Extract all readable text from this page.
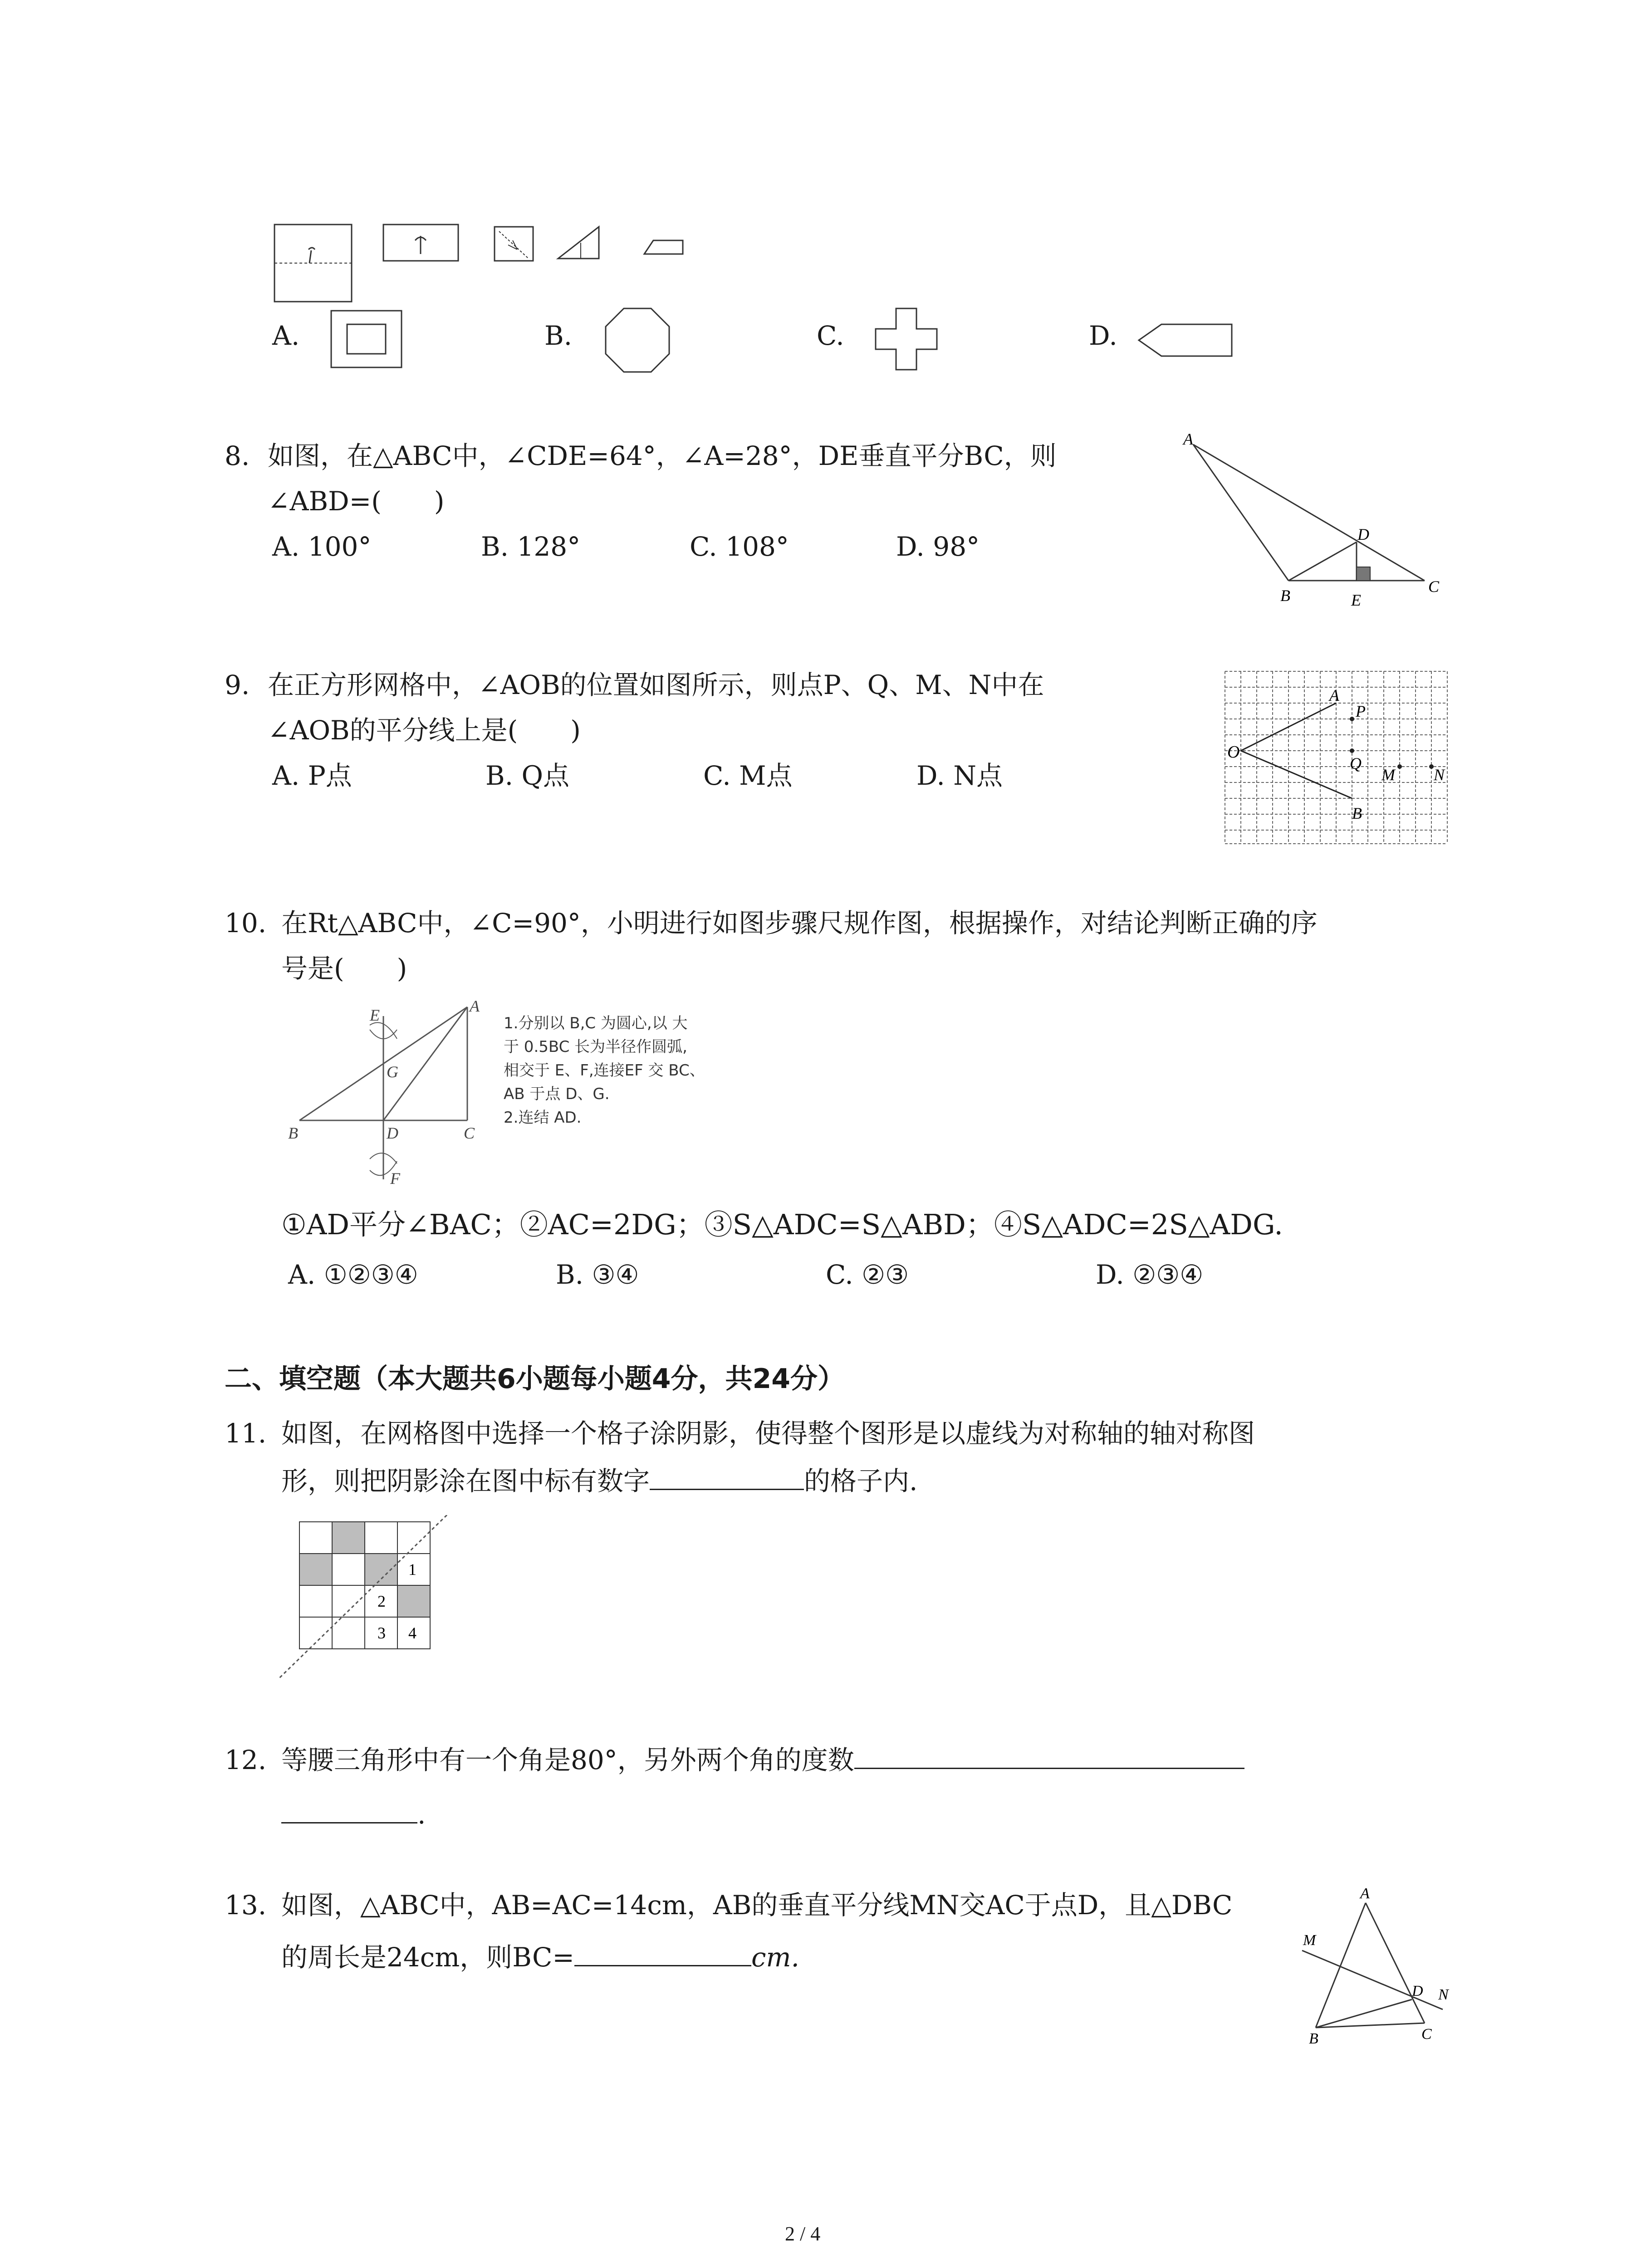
A.	B.	C.	D.
8. 如图，在△ABC中，∠CDE=64°，∠A=28°，DE垂直平分BC，则
∠ABD=(　　)
A. 100°	B. 128°	C. 108°	D. 98°
A
D
B	E
C
9. 在正方形网格中，∠AOB的位置如图所示，则点P、Q、M、N中在
∠AOB的平分线上是(　　)
A. P点	B. Q点	C. M点	D. N点
O
A
P
Q
M N
B
10. 在Rt△ABC中，∠C=90°，小明进行如图步骤尺规作图，根据操作，对结论判断正确的序
号是(　　)
E	A
G
B	D	C
F
1.分别以 B,C 为圆心,以 大
于 0.5BC 长为半径作圆弧,
相交于 E、F,连接EF 交 BC、
AB 于点 D、G.
2.连结 AD.
①AD平分∠BAC；②AC=2DG；③S△ADC=S△ABD；④S△ADC=2S△ADG.
A. ①②③④	B. ③④	C. ②③	D. ②③④
二、填空题（本大题共6小题每小题4分，共24分）
11. 如图，在网格图中选择一个格子涂阴影，使得整个图形是以虚线为对称轴的轴对称图
形，则把阴影涂在图中标有数字	的格子内.
1
2
3 4
12. 等腰三角形中有一个角是80°，另外两个角的度数
.
13. 如图，△ABC中，AB=AC=14cm，AB的垂直平分线MN交AC于点D，且△DBC
的周长是24cm，则BC=	cm.
A
M
D N
B	C
2 / 4
